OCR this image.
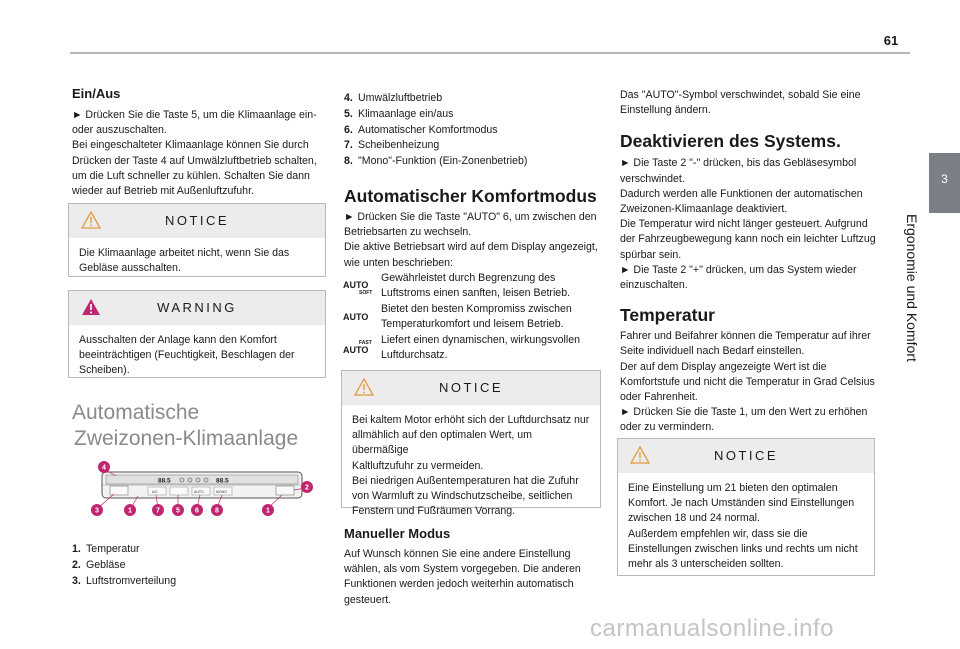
61
3
Ergonomie und Komfort
Ein/Aus

► Drücken Sie die Taste 5, um die Klimaanlage ein-

oder auszuschalten.

Bei eingeschalteter Klimaanlage können Sie durch

Drücken der Taste 4 auf Umwälzluftbetrieb schalten,

um die Luft schneller zu kühlen. Schalten Sie dann

wieder auf Betrieb mit Außenluftzufuhr.

NOTICE

Die Klimaanlage arbeitet nicht, wenn Sie das

Gebläse ausschalten.

WARNING

Ausschalten der Anlage kann den Komfort

beeinträchtigen (Feuchtigkeit, Beschlagen der

Scheiben).

Automatische
Zweizonen-Klimaanlage
88.5	88.5
A/C	AUTO	MONO
4
2
3	1	7 5 6 8	1
1. Temperatur
2. Gebläse
3. Luftstromverteilung
4. Umwälzluftbetrieb
5. Klimaanlage ein/aus
6. Automatischer Komfortmodus
7. Scheibenheizung
8. "Mono"-Funktion (Ein-Zonenbetrieb)
Automatischer Komfortmodus

► Drücken Sie die Taste "AUTO" 6, um zwischen den

Betriebsarten zu wechseln.

Die aktive Betriebsart wird auf dem Display angezeigt,

wie unten beschrieben:

AUTO
SOFT

Gewährleistet durch Begrenzung des

Luftstroms einen sanften, leisen Betrieb.

AUTO

Bietet den besten Kompromiss zwischen

Temperaturkomfort und leisem Betrieb.

FAST
AUTO

Liefert einen dynamischen, wirkungsvollen

Luftdurchsatz.

NOTICE

Bei kaltem Motor erhöht sich der Luftdurchsatz nur

allmählich auf den optimalen Wert, um übermäßige

Kaltluftzufuhr zu vermeiden.

Bei niedrigen Außentemperaturen hat die Zufuhr

von Warmluft zu Windschutzscheibe, seitlichen

Fenstern und Fußräumen Vorrang.

Manueller Modus

Auf Wunsch können Sie eine andere Einstellung

wählen, als vom System vorgegeben. Die anderen

Funktionen werden jedoch weiterhin automatisch

gesteuert.

Das "AUTO"-Symbol verschwindet, sobald Sie eine

Einstellung ändern.

Deaktivieren des Systems.

► Die Taste 2 "-" drücken, bis das Gebläsesymbol

verschwindet.

Dadurch werden alle Funktionen der automatischen

Zweizonen-Klimaanlage deaktiviert.

Die Temperatur wird nicht länger gesteuert. Aufgrund

der Fahrzeugbewegung kann noch ein leichter Luftzug

spürbar sein.

► Die Taste 2 "+" drücken, um das System wieder

einzuschalten.

Temperatur

Fahrer und Beifahrer können die Temperatur auf ihrer

Seite individuell nach Bedarf einstellen.

Der auf dem Display angezeigte Wert ist die

Komfortstufe und nicht die Temperatur in Grad Celsius

oder Fahrenheit.

► Drücken Sie die Taste 1, um den Wert zu erhöhen

oder zu vermindern.

NOTICE

Eine Einstellung um 21 bieten den optimalen

Komfort. Je nach Umständen sind Einstellungen

zwischen 18 und 24 normal.

Außerdem empfehlen wir, dass sie die

Einstellungen zwischen links und rechts um nicht

mehr als 3 unterscheiden sollten.

carmanualsonline.info
